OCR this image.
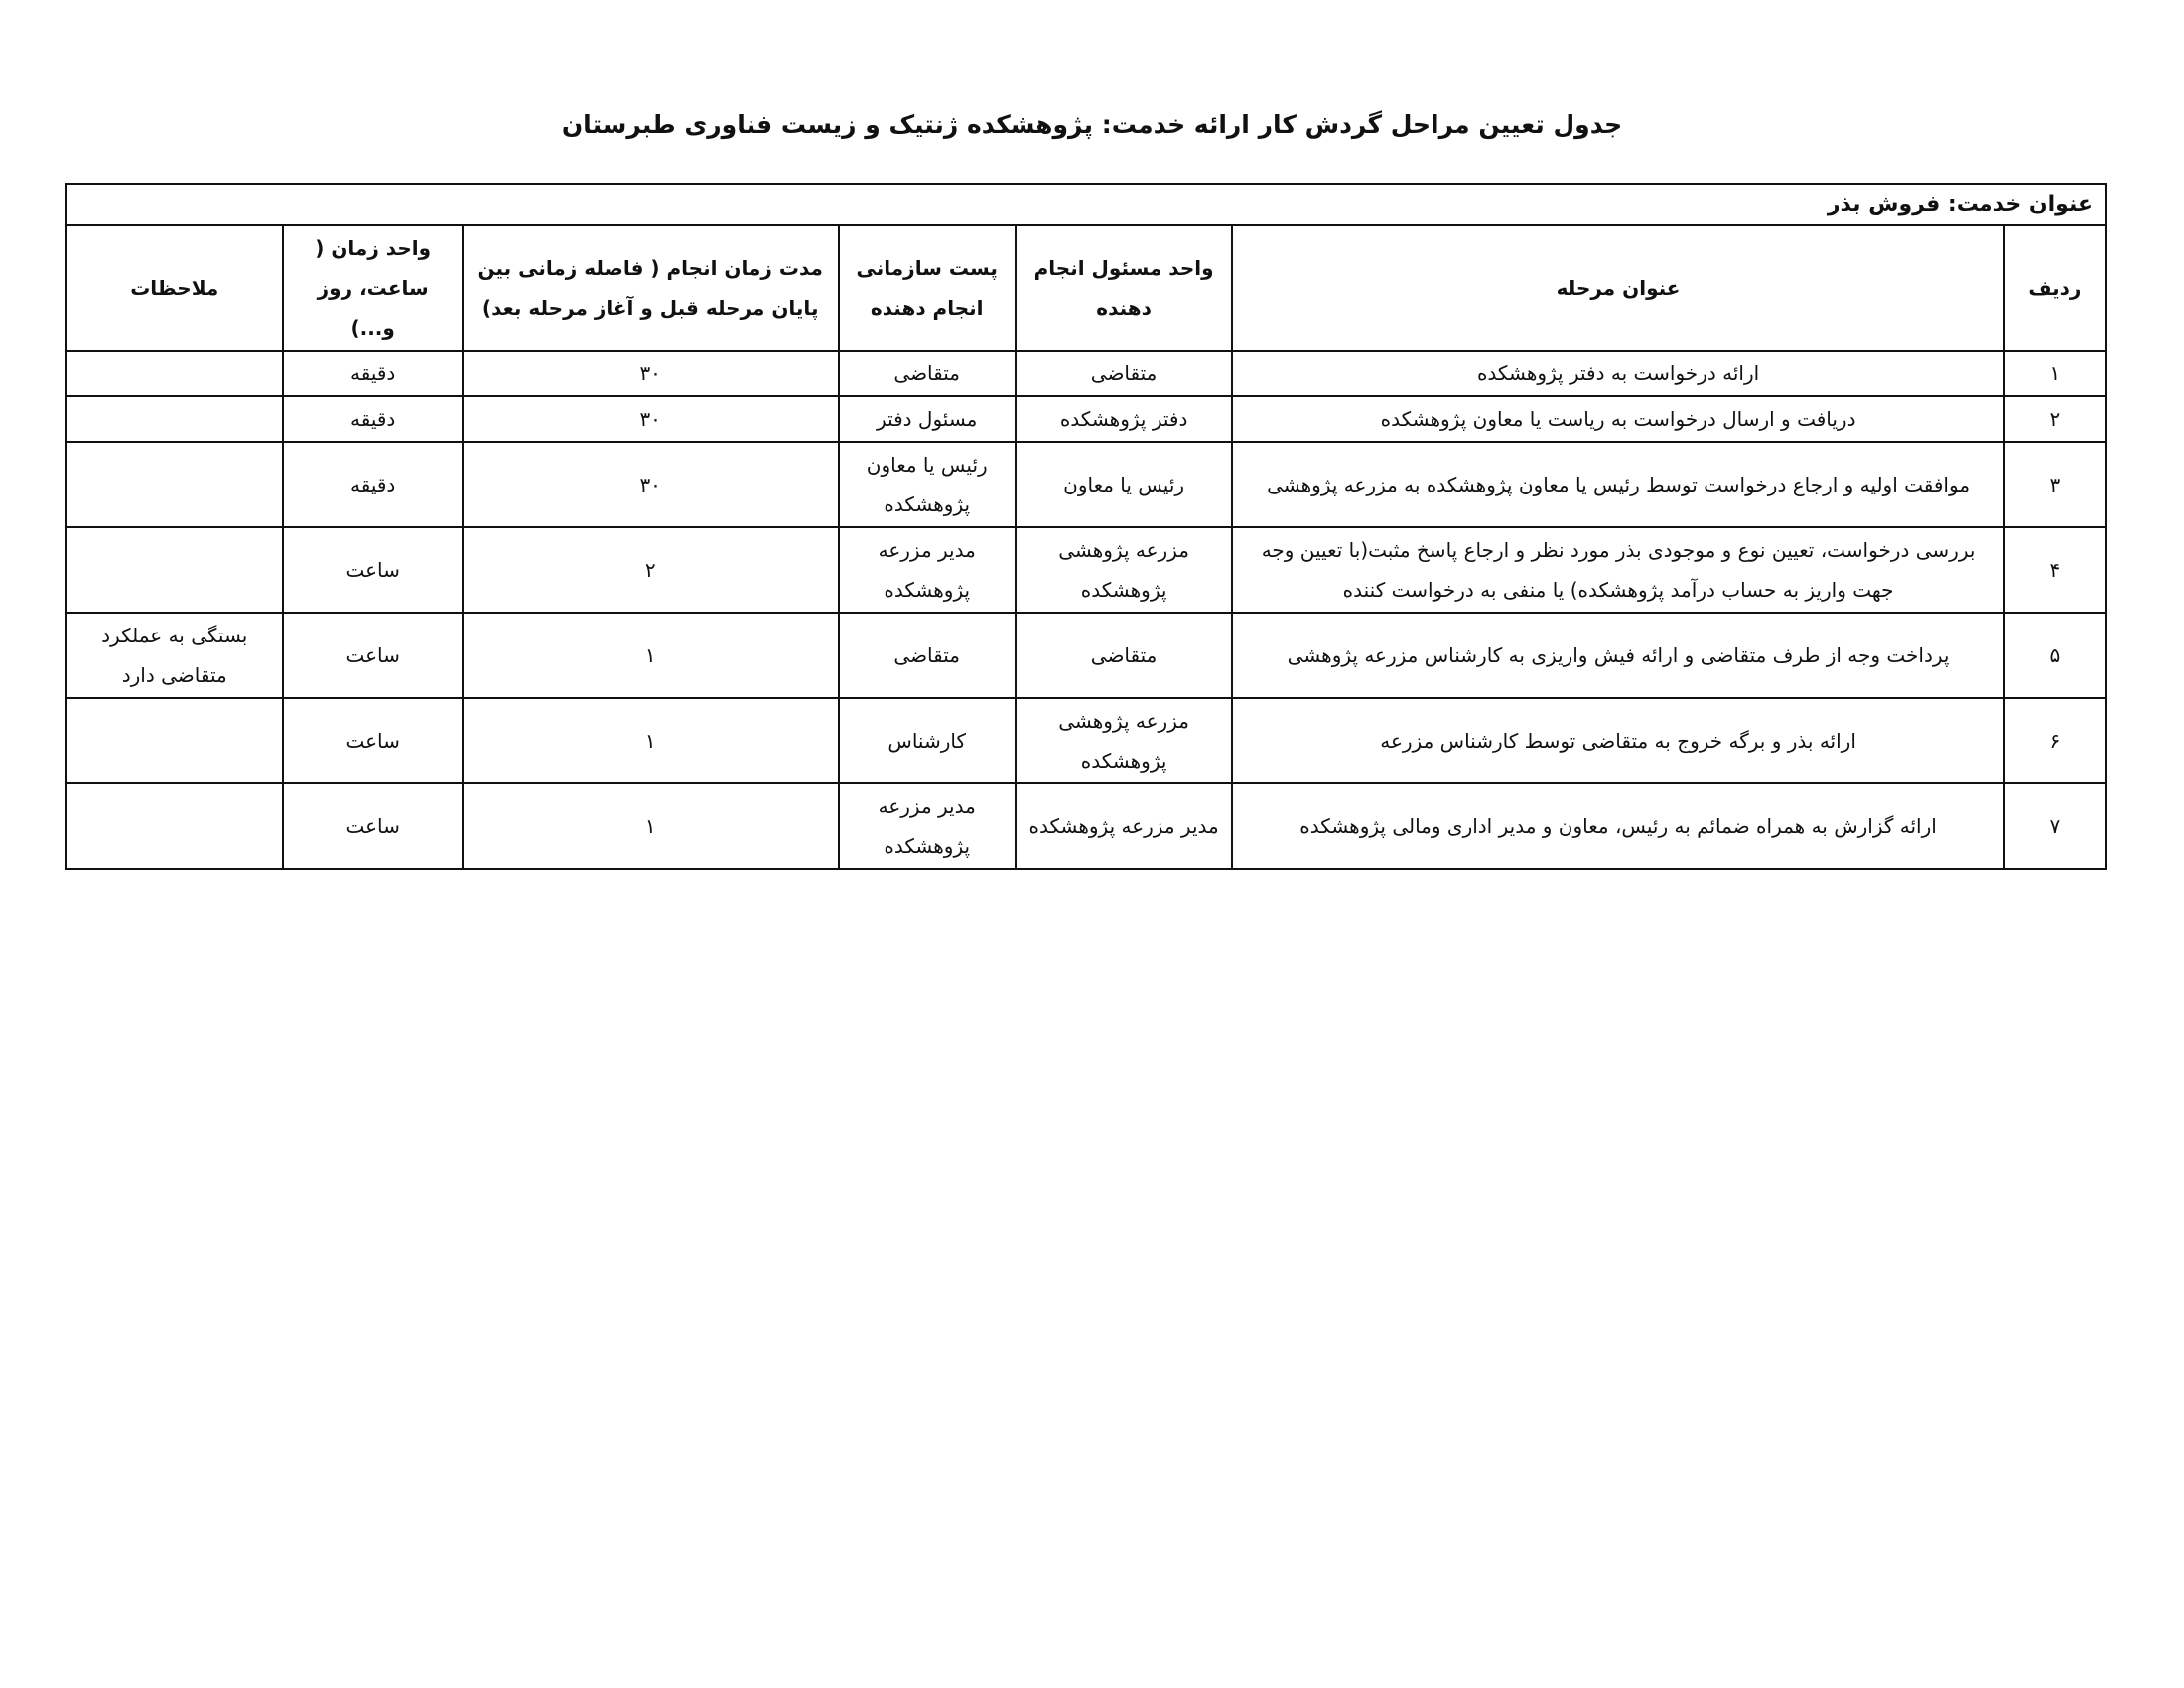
جدول تعیین مراحل گردش کار ارائه خدمت: پژوهشکده ژنتیک و زیست فناوری طبرستان
عنوان خدمت: فروش بذر						
ردیف	عنوان مرحله	واحد مسئول انجام دهنده	پست سازمانی انجام دهنده	مدت زمان انجام ( فاصله زمانی بین پایان مرحله قبل و آغاز مرحله بعد)	واحد زمان ( ساعت، روز و...)	ملاحظات
۱	ارائه درخواست به دفتر پژوهشکده	متقاضی	متقاضی	۳۰	دقیقه	
۲	دریافت و ارسال درخواست به ریاست یا معاون پژوهشکده	دفتر پژوهشکده	مسئول دفتر	۳۰	دقیقه	
۳	موافقت اولیه و ارجاع درخواست توسط رئیس یا معاون پژوهشکده به مزرعه پژوهشی	رئیس یا معاون	رئیس یا معاون پژوهشکده	۳۰	دقیقه	
۴	بررسی درخواست، تعیین نوع و موجودی بذر مورد نظر و ارجاع پاسخ مثبت(با تعیین وجه جهت واریز به حساب درآمد پژوهشکده) یا منفی به درخواست کننده	مزرعه پژوهشی پژوهشکده	مدیر مزرعه پژوهشکده	۲	ساعت	
۵	پرداخت وجه از طرف متقاضی و ارائه فیش واریزی به کارشناس مزرعه پژوهشی	متقاضی	متقاضی	۱	ساعت	بستگی به عملکرد متقاضی دارد
۶	ارائه بذر و برگه خروج به متقاضی توسط کارشناس مزرعه	مزرعه پژوهشی پژوهشکده	کارشناس	۱	ساعت	
۷	ارائه گزارش به همراه ضمائم به رئیس، معاون و مدیر اداری ومالی پژوهشکده	مدیر مزرعه پژوهشکده	مدیر مزرعه پژوهشکده	۱	ساعت	
